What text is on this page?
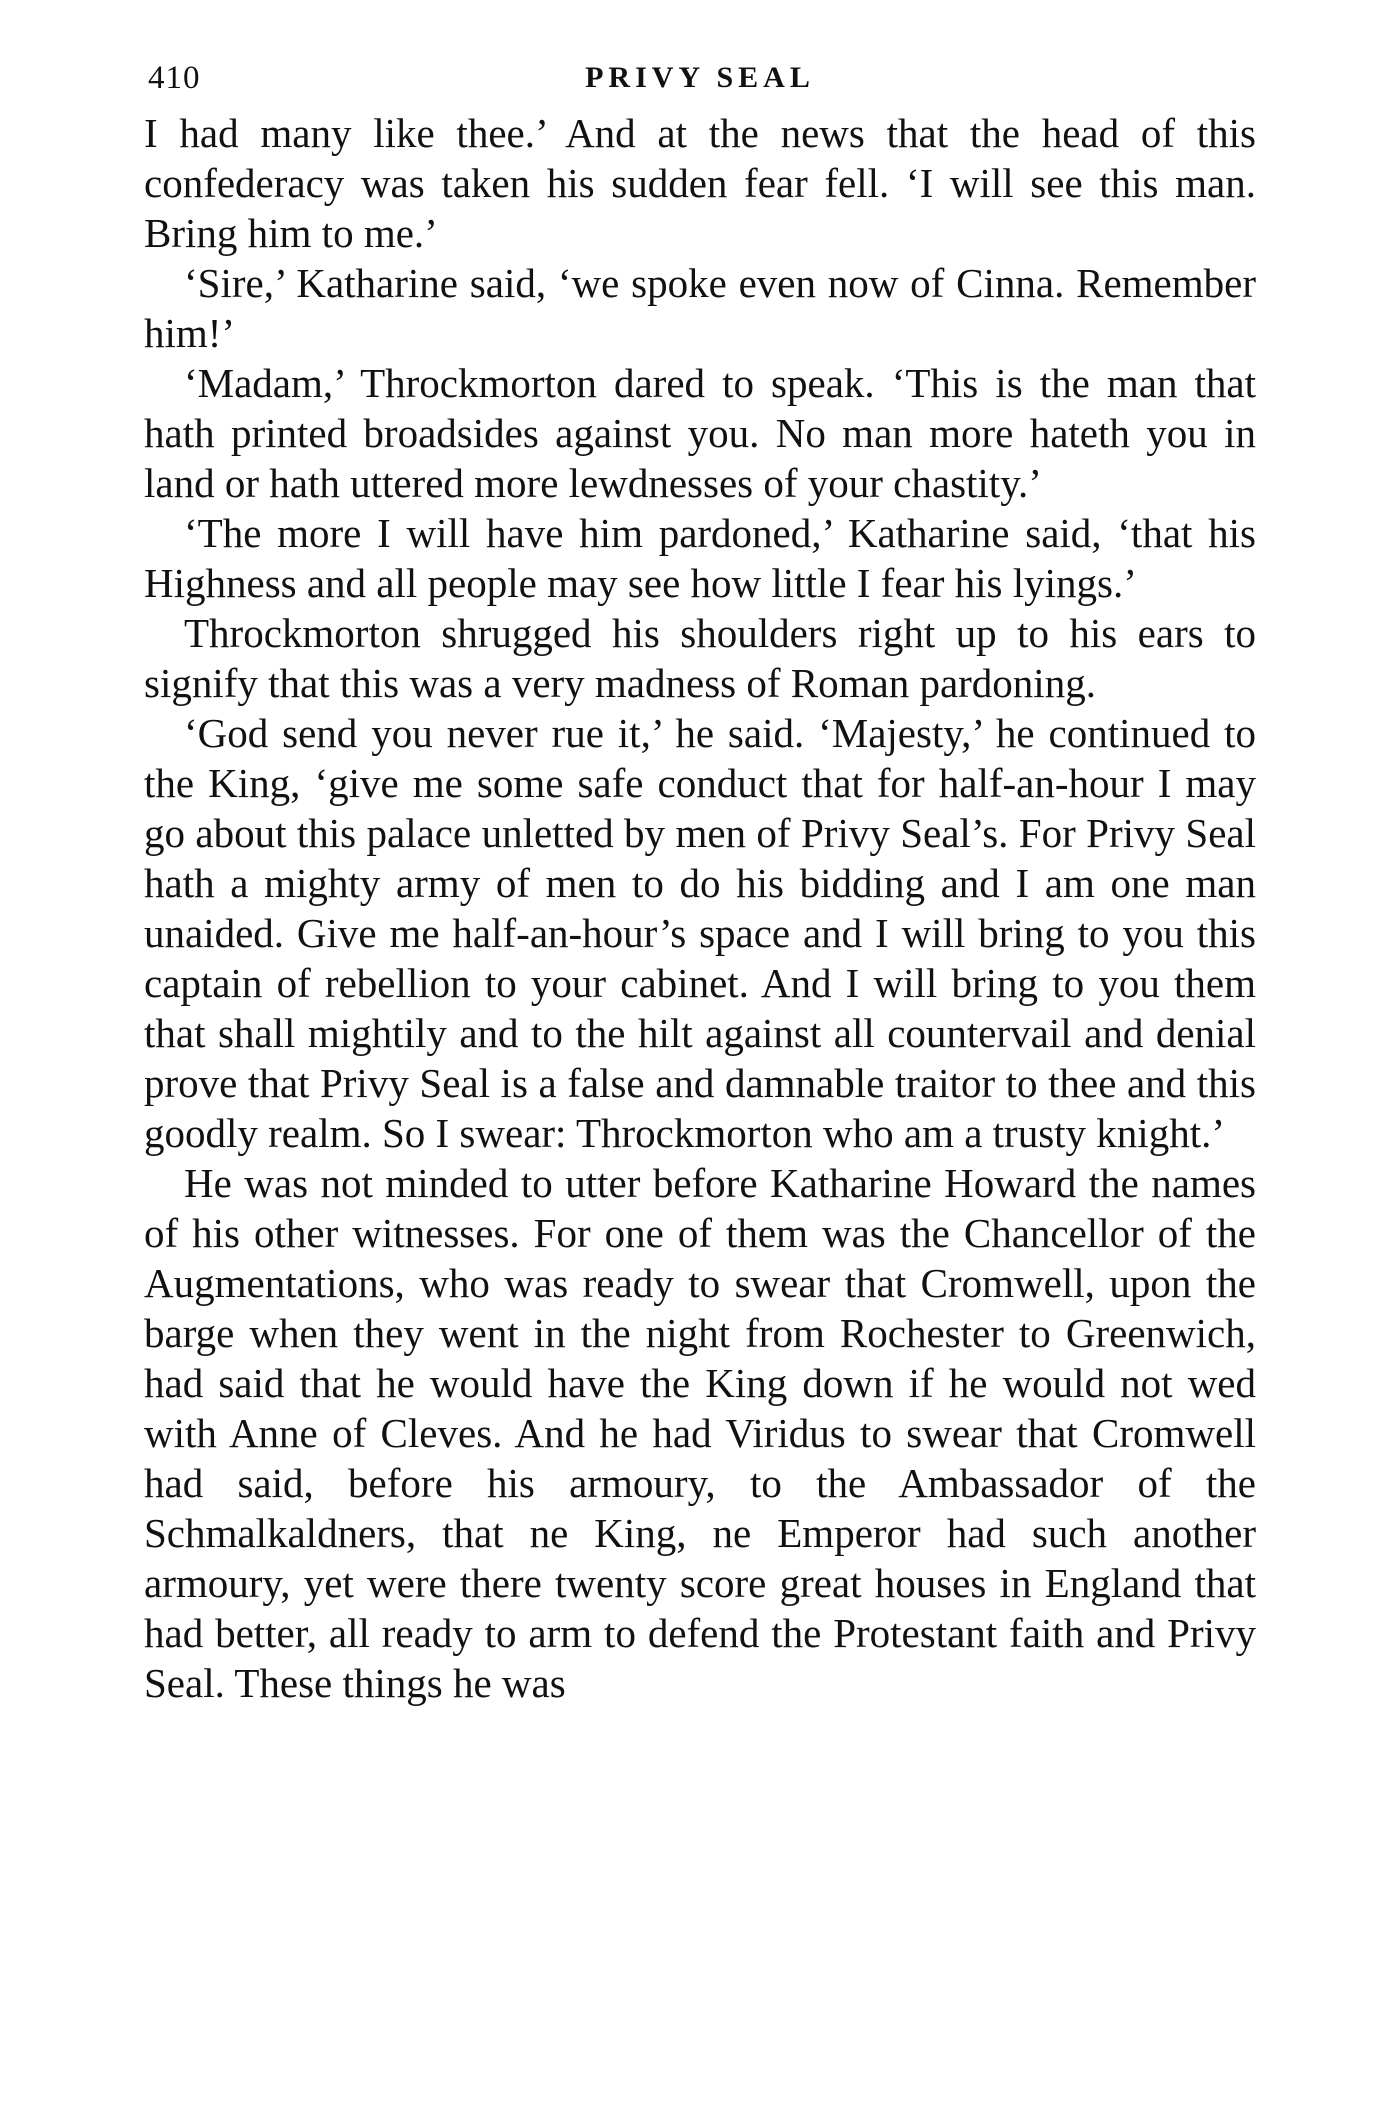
410	PRIVY SEAL

I had many like thee.’ And at the news that the head of this confederacy was taken his sudden fear fell. ‘I will see this man. Bring him to me.’

‘Sire,’ Katharine said, ‘we spoke even now of Cinna. Remember him!’

‘Madam,’ Throckmorton dared to speak. ‘This is the man that hath printed broadsides against you. No man more hateth you in land or hath uttered more lewdnesses of your chastity.’

‘The more I will have him pardoned,’ Katharine said, ‘that his Highness and all people may see how little I fear his lyings.’

Throckmorton shrugged his shoulders right up to his ears to signify that this was a very madness of Roman pardoning.

‘God send you never rue it,’ he said. ‘Majesty,’ he continued to the King, ‘give me some safe conduct that for half-an-hour I may go about this palace unletted by men of Privy Seal’s. For Privy Seal hath a mighty army of men to do his bidding and I am one man unaided. Give me half-an-hour’s space and I will bring to you this captain of rebellion to your cabinet. And I will bring to you them that shall mightily and to the hilt against all countervail and denial prove that Privy Seal is a false and damnable traitor to thee and this goodly realm. So I swear: Throckmorton who am a trusty knight.’

He was not minded to utter before Katharine Howard the names of his other witnesses. For one of them was the Chancellor of the Augmentations, who was ready to swear that Cromwell, upon the barge when they went in the night from Rochester to Greenwich, had said that he would have the King down if he would not wed with Anne of Cleves. And he had Viridus to swear that Cromwell had said, before his armoury, to the Ambassador of the Schmalkaldners, that ne King, ne Emperor had such another armoury, yet were there twenty score great houses in England that had better, all ready to arm to defend the Protestant faith and Privy Seal. These things he was
